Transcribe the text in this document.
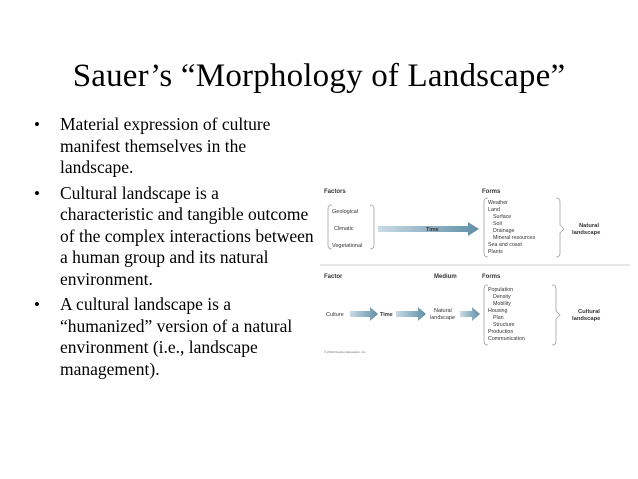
Sauer’s “Morphology of Landscape”
• Material expression of culture manifest themselves in the landscape.
• Cultural landscape is a characteristic and tangible outcome of the complex interactions between a human group and its natural environment.
• A cultural landscape is a “humanized” version of a natural environment (i.e., landscape management).
Factors	Forms
Geological
Climatic
Vegetational
Time
Weather
Land
Surface
Soil
Drainage
Mineral resources
Sea and coast
Plants
Natural
landscape
Factor	Medium	Forms
Culture	Time
Natural
landscape
Population
Density
Mobility
Housing
Plan
Structure
Production
Communication
Cultural
landscape
© 2010 Pearson Education, Inc.
